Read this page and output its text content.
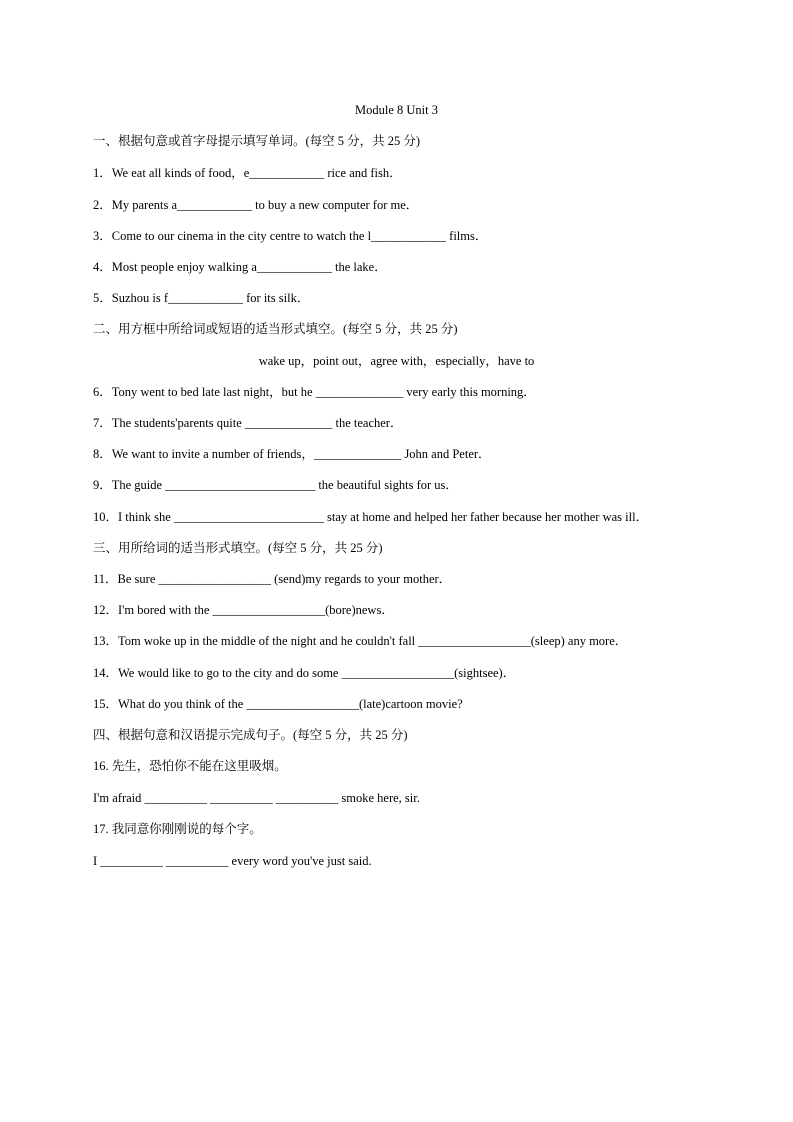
Module 8 Unit 3
一、根据句意或首字母提示填写单词。(每空 5 分，共 25 分)
1．We eat all kinds of food，e____________ rice and fish．
2．My parents a____________ to buy a new computer for me．
3．Come to our cinema in the city centre to watch the l____________ films．
4．Most people enjoy walking a____________ the lake．
5．Suzhou is f____________ for its silk．
二、用方框中所给词或短语的适当形式填空。(每空 5 分，共 25 分)
wake up，point out，agree with，especially，have to
6．Tony went to bed late last night，but he ______________ very early this morning．
7．The students'parents quite ______________ the teacher．
8．We want to invite a number of friends，______________ John and Peter．
9．The guide ________________________ the beautiful sights for us．
10．I think she ________________________ stay at home and helped her father because her mother was ill．
三、用所给词的适当形式填空。(每空 5 分，共 25 分)
11．Be sure __________________ (send)my regards to your mother．
12．I'm bored with the __________________(bore)news．
13．Tom woke up in the middle of the night and he couldn't fall __________________(sleep) any more．
14．We would like to go to the city and do some __________________(sightsee)．
15．What do you think of the __________________(late)cartoon movie?
四、根据句意和汉语提示完成句子。(每空 5 分，共 25 分)
16. 先生，恐怕你不能在这里吸烟。
I'm afraid __________ __________ __________ smoke here, sir.
17. 我同意你刚刚说的每个字。
I __________ __________ every word you've just said.
